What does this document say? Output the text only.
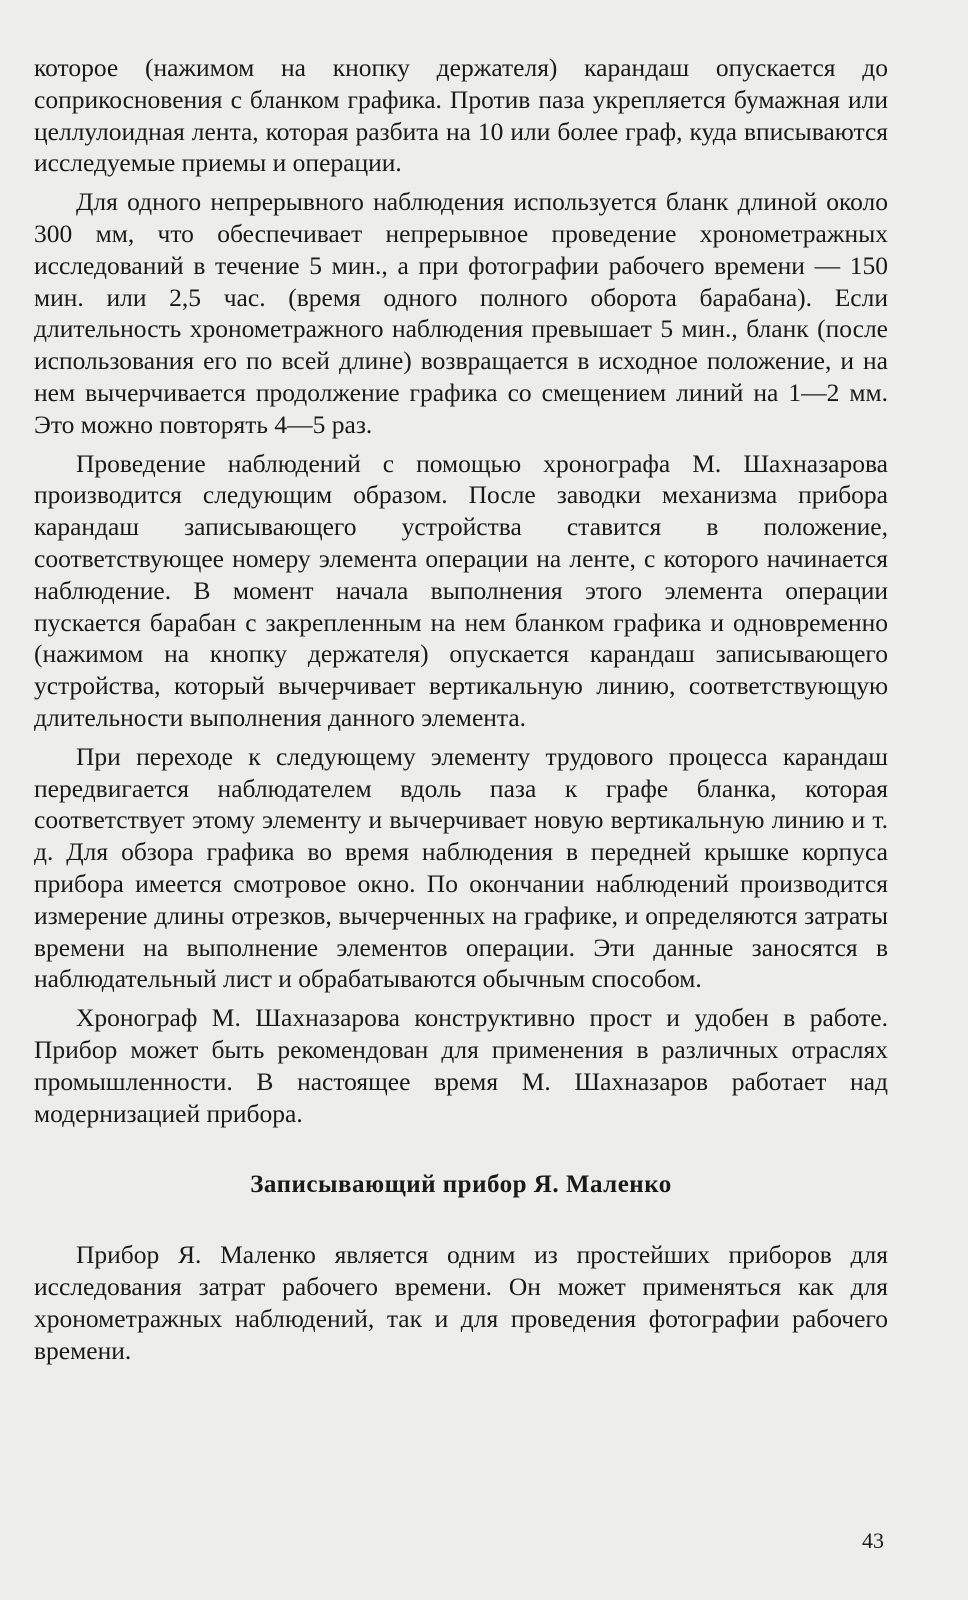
которое (нажимом на кнопку держателя) карандаш опускается до соприкосновения с бланком графика. Против паза укрепляется бумажная или целлулоидная лента, которая разбита на 10 или более граф, куда вписываются исследуемые приемы и операции.

Для одного непрерывного наблюдения используется бланк длиной около 300 мм, что обеспечивает непрерывное проведение хронометражных исследований в течение 5 мин., а при фотографии рабочего времени — 150 мин. или 2,5 час. (время одного полного оборота барабана). Если длительность хронометражного наблюдения превышает 5 мин., бланк (после использования его по всей длине) возвращается в исходное положение, и на нем вычерчивается продолжение графика со смещением линий на 1—2 мм. Это можно повторять 4—5 раз.

Проведение наблюдений с помощью хронографа М. Шахназарова производится следующим образом. После заводки механизма прибора карандаш записывающего устройства ставится в положение, соответствующее номеру элемента операции на ленте, с которого начинается наблюдение. В момент начала выполнения этого элемента операции пускается барабан с закрепленным на нем бланком графика и одновременно (нажимом на кнопку держателя) опускается карандаш записывающего устройства, который вычерчивает вертикальную линию, соответствующую длительности выполнения данного элемента.

При переходе к следующему элементу трудового процесса карандаш передвигается наблюдателем вдоль паза к графе бланка, которая соответствует этому элементу и вычерчивает новую вертикальную линию и т. д. Для обзора графика во время наблюдения в передней крышке корпуса прибора имеется смотровое окно. По окончании наблюдений производится измерение длины отрезков, вычерченных на графике, и определяются затраты времени на выполнение элементов операции. Эти данные заносятся в наблюдательный лист и обрабатываются обычным способом.

Хронограф М. Шахназарова конструктивно прост и удобен в работе. Прибор может быть рекомендован для применения в различных отраслях промышленности. В настоящее время М. Шахназаров работает над модернизацией прибора.

Записывающий прибор Я. Маленко

Прибор Я. Маленко является одним из простейших приборов для исследования затрат рабочего времени. Он может применяться как для хронометражных наблюдений, так и для проведения фотографии рабочего времени.

43
